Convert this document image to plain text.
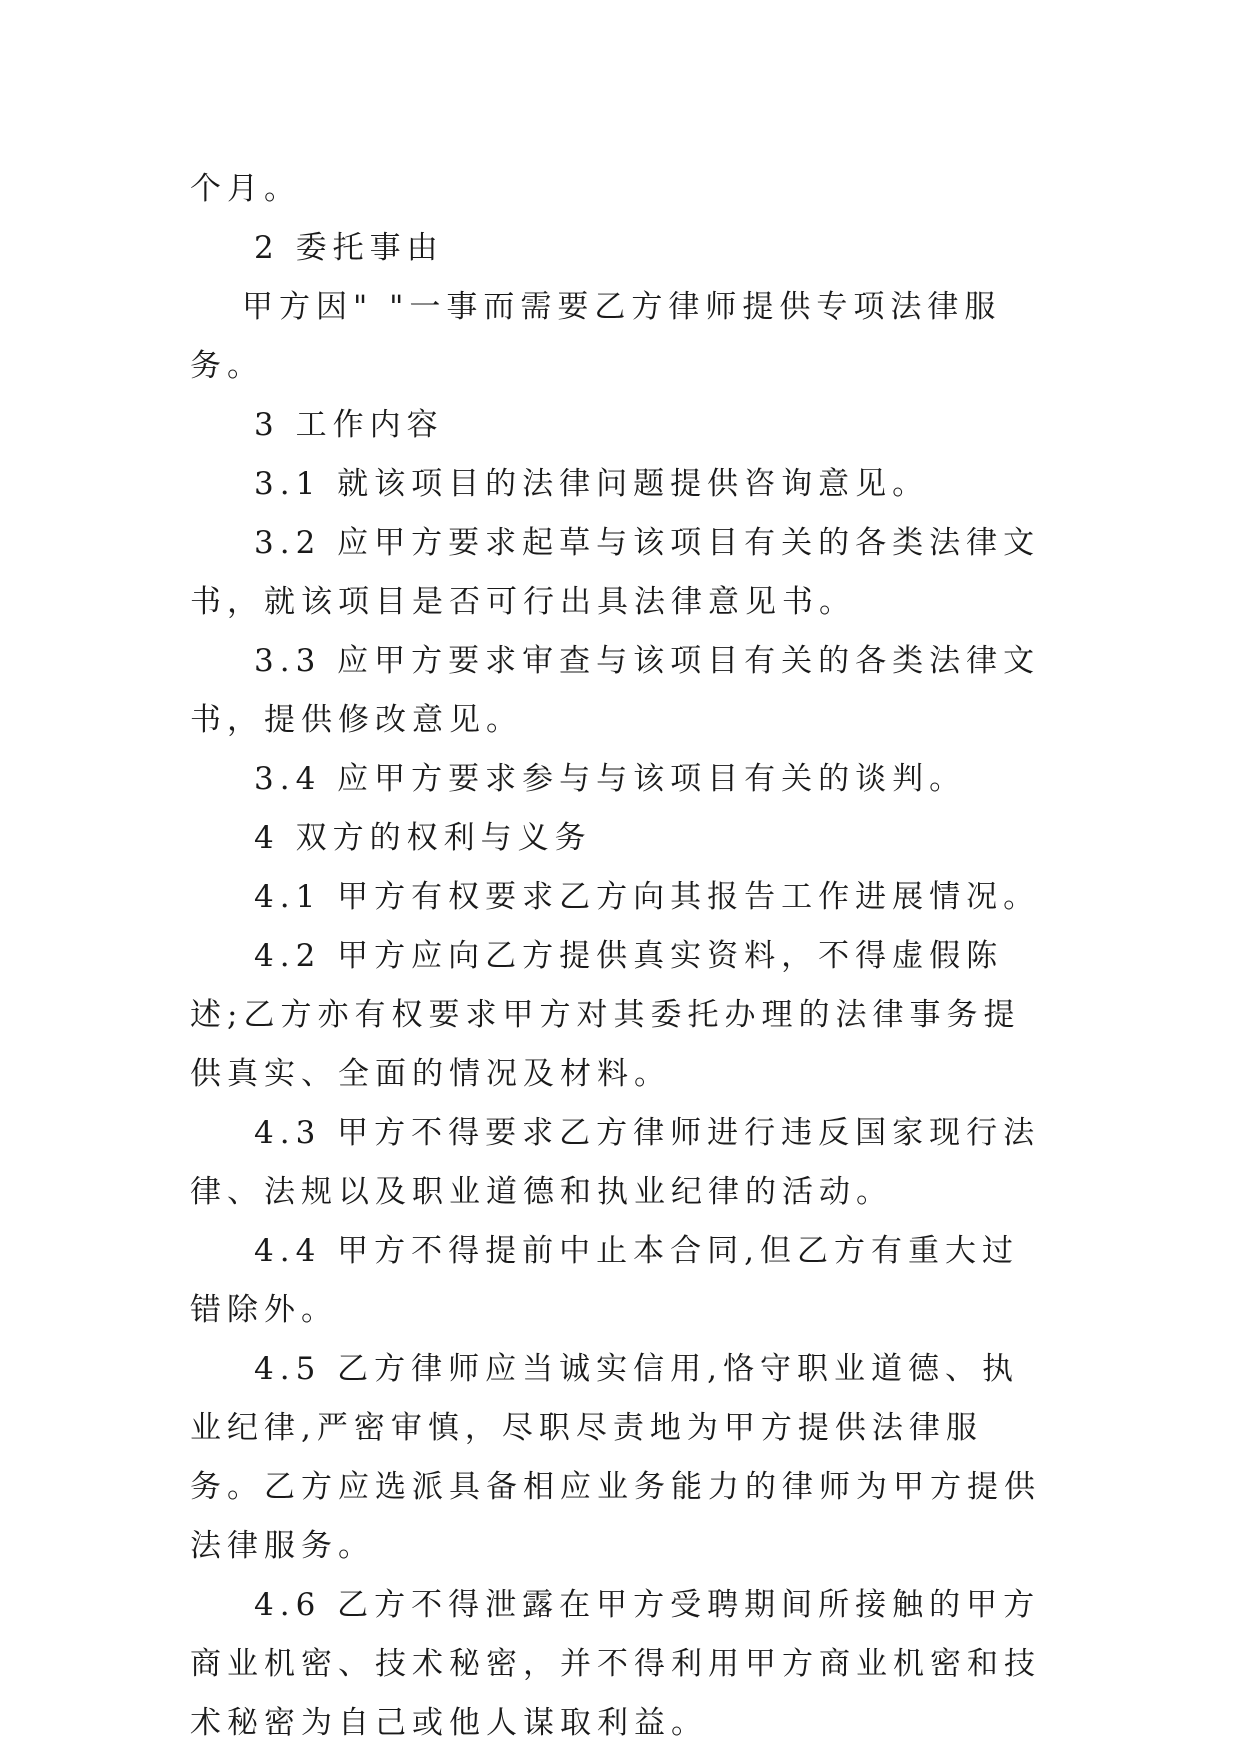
个月。

2 委托事由

甲方因" "一事而需要乙方律师提供专项法律服务。

3 工作内容

3.1 就该项目的法律问题提供咨询意见。

3.2 应甲方要求起草与该项目有关的各类法律文书，就该项目是否可行出具法律意见书。

3.3 应甲方要求审查与该项目有关的各类法律文书，提供修改意见。

3.4 应甲方要求参与与该项目有关的谈判。

4 双方的权利与义务

4.1 甲方有权要求乙方向其报告工作进展情况。

4.2 甲方应向乙方提供真实资料，不得虚假陈述;乙方亦有权要求甲方对其委托办理的法律事务提供真实、全面的情况及材料。

4.3 甲方不得要求乙方律师进行违反国家现行法律、法规以及职业道德和执业纪律的活动。

4.4 甲方不得提前中止本合同,但乙方有重大过错除外。

4.5 乙方律师应当诚实信用,恪守职业道德、执业纪律,严密审慎，尽职尽责地为甲方提供法律服务。乙方应选派具备相应业务能力的律师为甲方提供法律服务。

4.6 乙方不得泄露在甲方受聘期间所接触的甲方商业机密、技术秘密，并不得利用甲方商业机密和技术秘密为自己或他人谋取利益。
